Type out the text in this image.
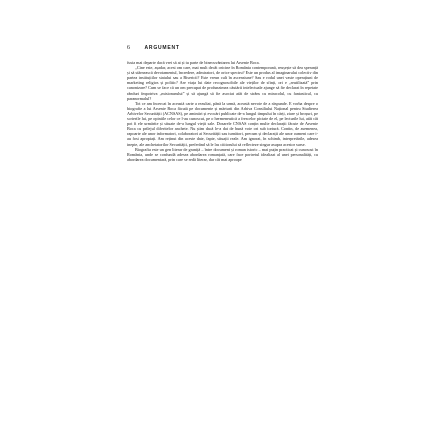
6	ARGUMENT

fusia mai departe dacă vrei să ai și tu parte de binecuvântarea lui Arsenie Boca.

„Cine este, așadar, acest om care, mai mult decât oricine în România contemporană, reușește să dea speranță și să stârnească devotamentul, încredere, admiratori, de orice spectru? Este un produs al imaginarului colectiv din partea instituțiilor statului sau a Bisericii? Este vreun cult în ascensiune? Sau e rodul unei vaste operațiuni de marketing religios și politic? Are viața lui date recognoscibile ale vieților de sfinți, ori e „reutilizată” prin canonizare? Cum se face că un om precupat de profunzimea căutării intelectuale ajunge să fie declarat în repetate rânduri împotriva „misionarului” și să ajungă să fie asociat atât de strâns cu miracolul, cu fantasticul, cu paranormalul?

Tot ce am încercat în această carte a rezultat, până la urmă, această nevoie de a răspunde. E vorba despre o biografie a lui Arsenie Boca făcută pe documente și mărturii din Arhiva Consiliului Național pentru Studierea Arhivelor Securității (ACNSAS), pe amintiri și evocări publicate de-a lungul timpului în cărți, ziare și broșuri, pe scrierile lui, pe opiniile celor ce l-au cunoscut, pe o hermeneutică a frescelor pictate de el, pe lecturile lui, atât cât pot fi ele urmărite și situate de-a lungul vieții sale. Dosarele CNSAS conțin multe declarații făcute de Arsenie Boca cu prilejul diferitelor anchete. Nu știm dacă le-a dat de bună voie ori sub tortură. Contin, de asemenea, rapoarte ale unor informatori, colaboratori ai Securității sau turnători, precum și declarații ale unor oameni care i-au fost apropiați. Am reținut din aceste date, fapte, situații reale. Am ignorat, în schimb, interpretările, adesea inepte, ale anchetatorilor Securității, preferând să le las cititorului să reflecteze singur asupra acestor surse.

Biografia este un gen literar de graniță – între document și roman istoric – mai puțin practicat și cunoscut în România, unde se confundă adesea abordarea romanțată, care face portretul idealizat al unei personalități, cu abordarea documentară, prin care se redă literar, dar cât mai aproape
